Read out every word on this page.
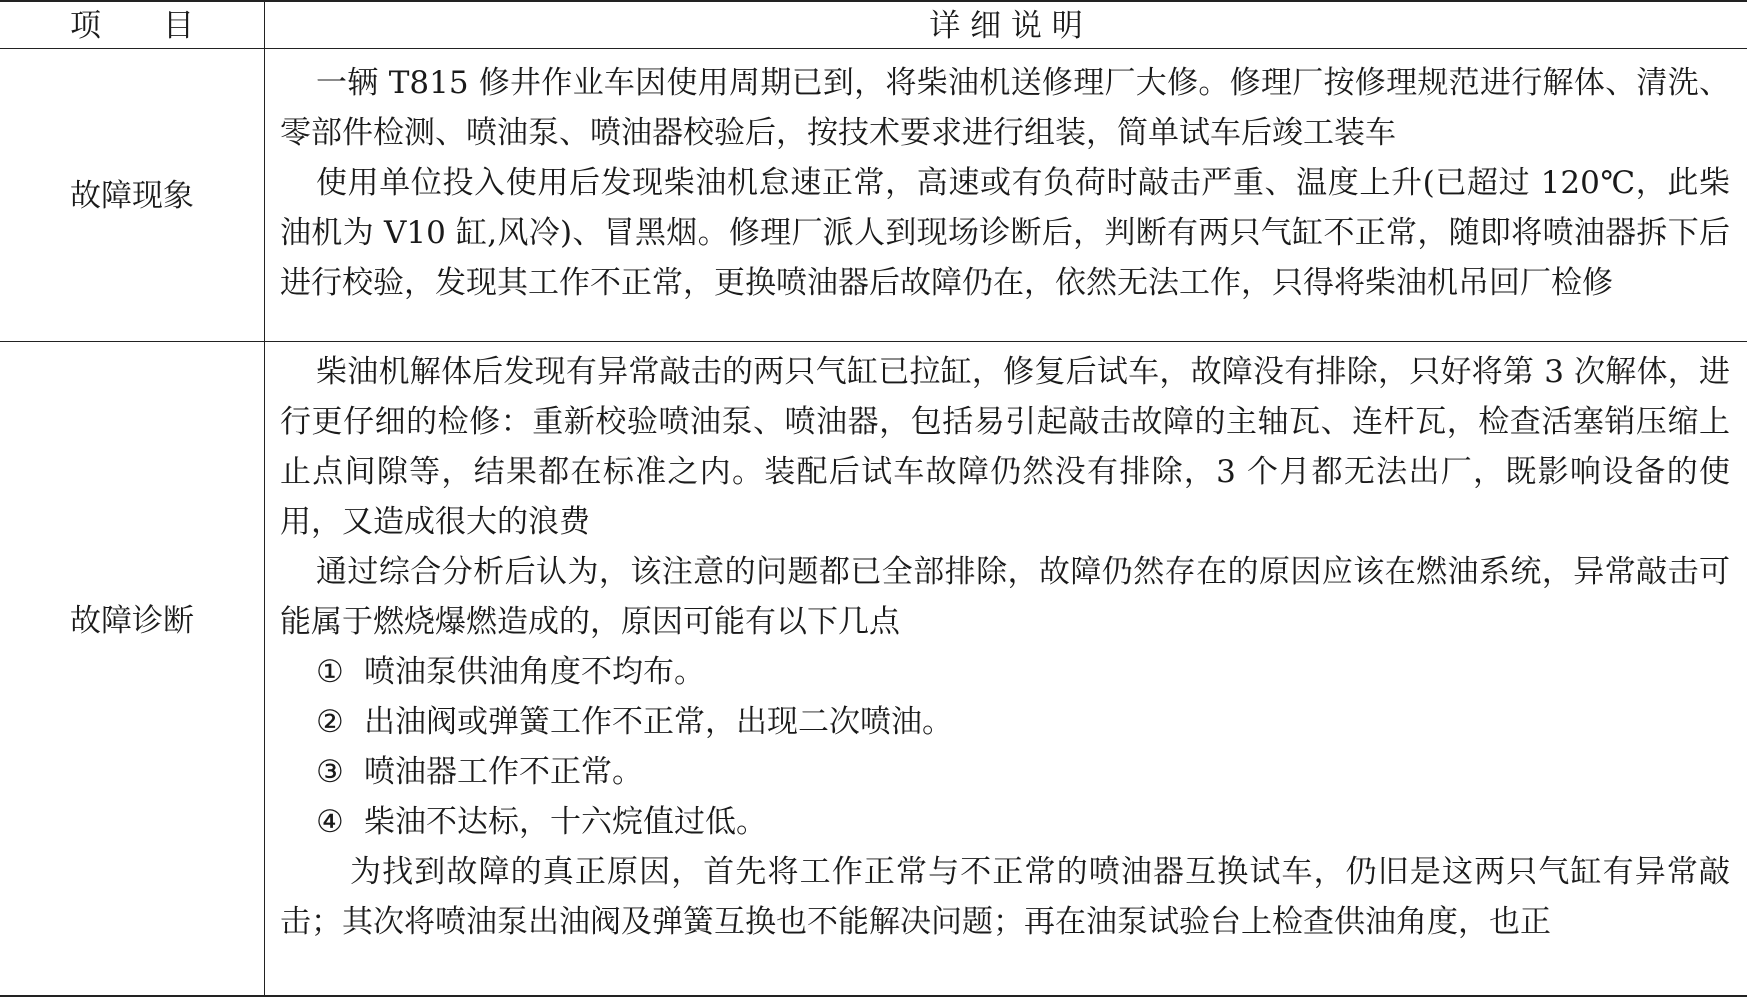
项　　目	详 细 说 明
故障现象

一辆 T815 修井作业车因使用周期已到，将柴油机送修理厂大修。修理厂按修理规范进行解体、清洗、零部件检测、喷油泵、喷油器校验后，按技术要求进行组装，简单试车后竣工装车

使用单位投入使用后发现柴油机怠速正常，高速或有负荷时敲击严重、温度上升(已超过 120℃，此柴油机为 V10 缸,风冷)、冒黑烟。修理厂派人到现场诊断后，判断有两只气缸不正常，随即将喷油器拆下后进行校验，发现其工作不正常，更换喷油器后故障仍在，依然无法工作，只得将柴油机吊回厂检修

故障诊断

柴油机解体后发现有异常敲击的两只气缸已拉缸，修复后试车，故障没有排除，只好将第 3 次解体，进行更仔细的检修：重新校验喷油泵、喷油器，包括易引起敲击故障的主轴瓦、连杆瓦，检查活塞销压缩上止点间隙等，结果都在标准之内。装配后试车故障仍然没有排除，3 个月都无法出厂，既影响设备的使用，又造成很大的浪费

通过综合分析后认为，该注意的问题都已全部排除，故障仍然存在的原因应该在燃油系统，异常敲击可能属于燃烧爆燃造成的，原因可能有以下几点

① 喷油泵供油角度不均布。

② 出油阀或弹簧工作不正常，出现二次喷油。

③ 喷油器工作不正常。

④ 柴油不达标，十六烷值过低。

为找到故障的真正原因，首先将工作正常与不正常的喷油器互换试车，仍旧是这两只气缸有异常敲击；其次将喷油泵出油阀及弹簧互换也不能解决问题；再在油泵试验台上检查供油角度，也正
